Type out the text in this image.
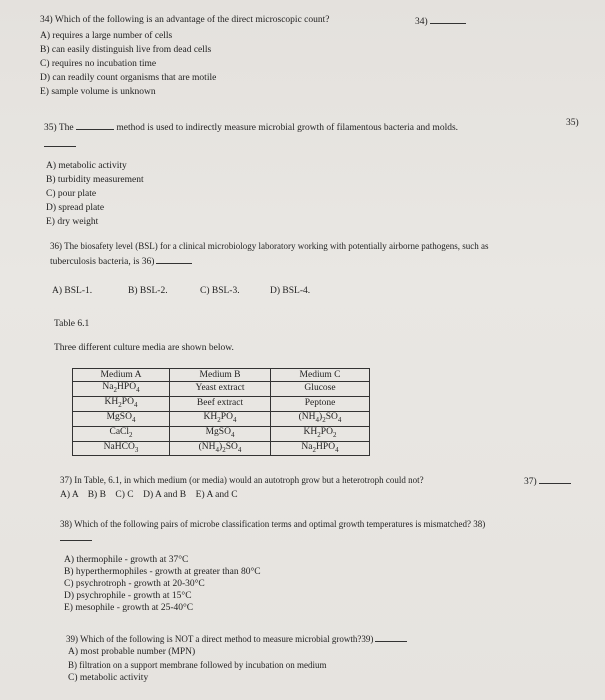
34) Which of the following is an advantage of the direct microscopic count?	34)
A) requires a large number of cells
B) can easily distinguish live from dead cells
C) requires no incubation time
D) can readily count organisms that are motile
E) sample volume is unknown
35) The	method is used to indirectly measure microbial growth of filamentous bacteria and molds.	35)
A) metabolic activity
B) turbidity measurement
C) pour plate
D) spread plate
E) dry weight
36) The biosafety level (BSL) for a clinical microbiology laboratory working with potentially airborne pathogens, such as
tuberculosis bacteria, is 36)
A) BSL-1.	B) BSL-2.	C) BSL-3.	D) BSL-4.
Table 6.1
Three different culture media are shown below.
Medium A	Medium B	Medium C
$Na_2HPO_4$	Yeast extract	Glucose
$KH_2PO_4$	Beef extract	Peptone
MgSO$_4$	$KH_2PO_4$	$(NH_4)_2SO_4$
CaCl$_2$	MgSO$_4$	$KH_2PO_2$
NaHCO$_3$	$(NH_4)_2SO_4$	$Na_2HPO_4$
37) In Table, 6.1, in which medium (or media) would an autotroph grow but a heterotroph could not?	37)
A) A    B) B    C) C    D) A and B    E) A and C
38) Which of the following pairs of microbe classification terms and optimal growth temperatures is mismatched? 38)
A) thermophile - growth at 37°C
B) hyperthermophiles - growth at greater than 80°C
C) psychrotroph - growth at 20-30°C
D) psychrophile - growth at 15°C
E) mesophile - growth at 25-40°C
39) Which of the following is NOT a direct method to measure microbial growth?39)
A) most probable number (MPN)
B) filtration on a support membrane followed by incubation on medium
C) metabolic activity
